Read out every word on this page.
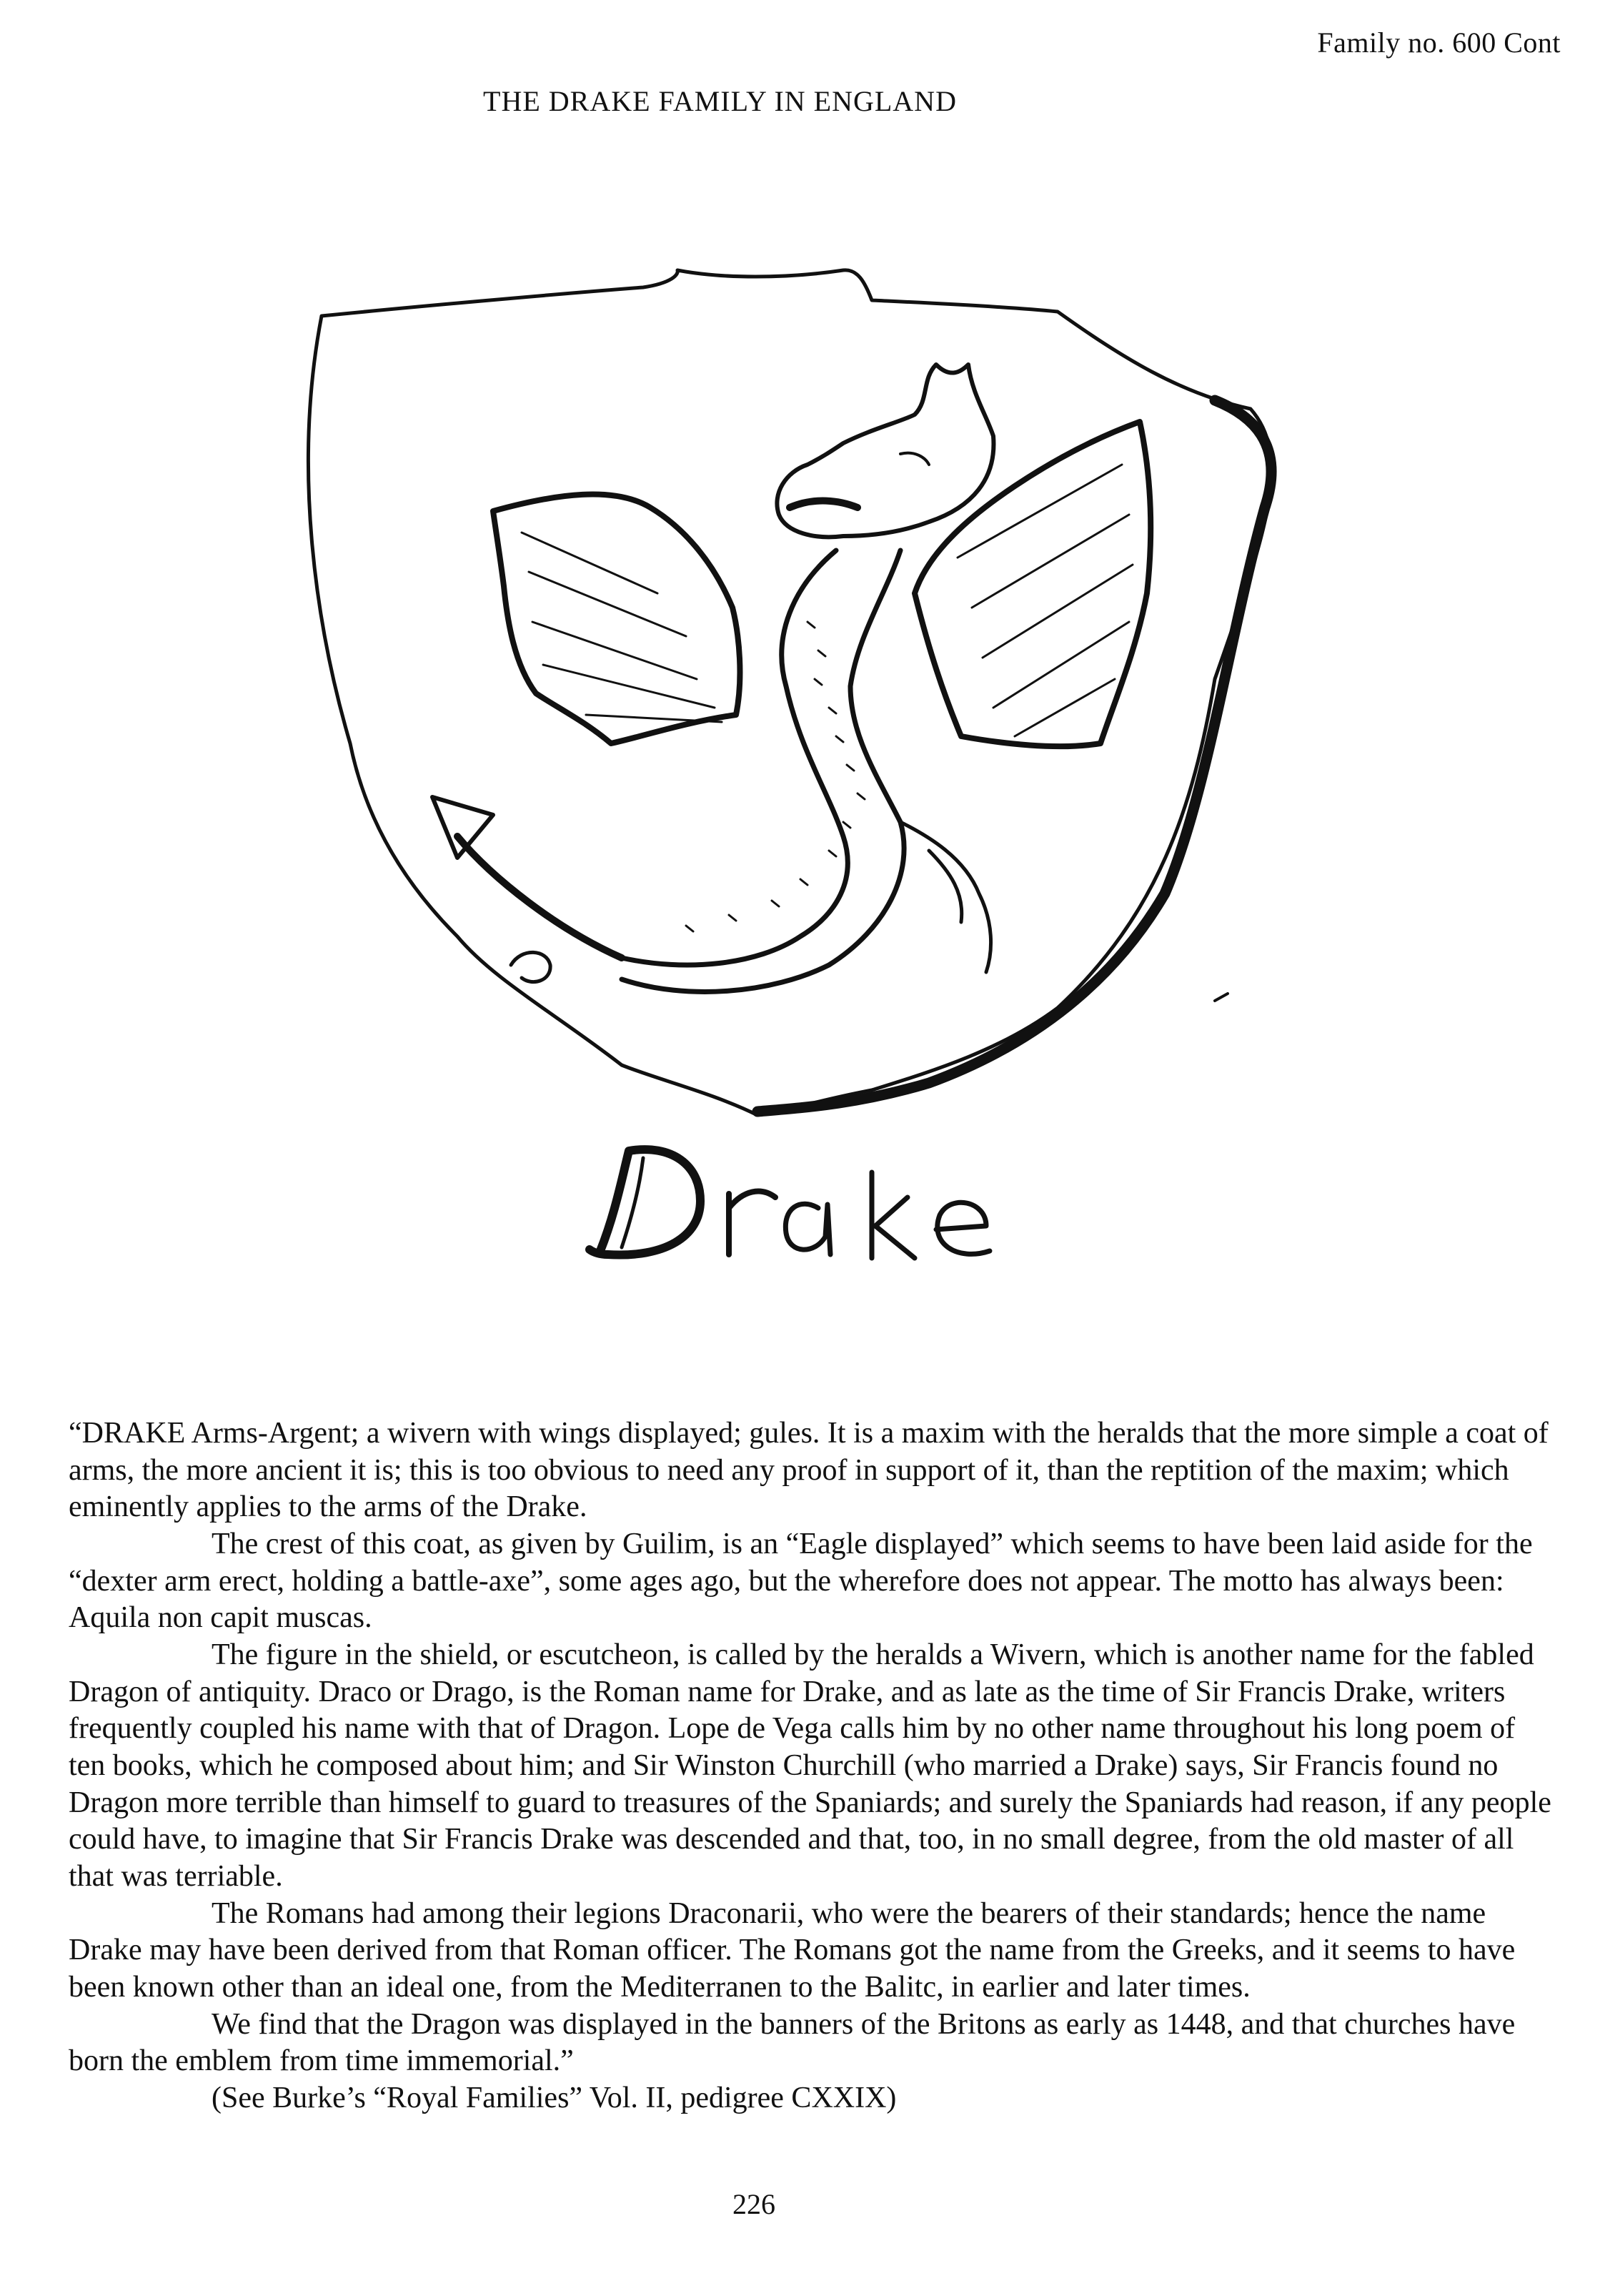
Family no. 600 Cont
THE DRAKE FAMILY IN ENGLAND

“DRAKE Arms-Argent; a wivern with wings displayed; gules. It is a maxim with the heralds that the more simple a coat of arms, the more ancient it is; this is too obvious to need any proof in support of it, than the reptition of the maxim; which eminently applies to the arms of the Drake.

The crest of this coat, as given by Guilim, is an “Eagle displayed” which seems to have been laid aside for the “dexter arm erect, holding a battle-axe”, some ages ago, but the wherefore does not appear. The motto has always been: Aquila non capit muscas.

The figure in the shield, or escutcheon, is called by the heralds a Wivern, which is another name for the fabled Dragon of antiquity. Draco or Drago, is the Roman name for Drake, and as late as the time of Sir Francis Drake, writers frequently coupled his name with that of Dragon. Lope de Vega calls him by no other name throughout his long poem of ten books, which he composed about him; and Sir Winston Churchill (who married a Drake) says, Sir Francis found no Dragon more terrible than himself to guard to treasures of the Spaniards; and surely the Spaniards had reason, if any people could have, to imagine that Sir Francis Drake was descended and that, too, in no small degree, from the old master of all that was terriable.

The Romans had among their legions Draconarii, who were the bearers of their standards; hence the name Drake may have been derived from that Roman officer. The Romans got the name from the Greeks, and it seems to have been known other than an ideal one, from the Mediterranen to the Balitc, in earlier and later times.

We find that the Dragon was displayed in the banners of the Britons as early as 1448, and that churches have born the emblem from time immemorial.”

(See Burke’s “Royal Families” Vol. II, pedigree CXXIX)

226
